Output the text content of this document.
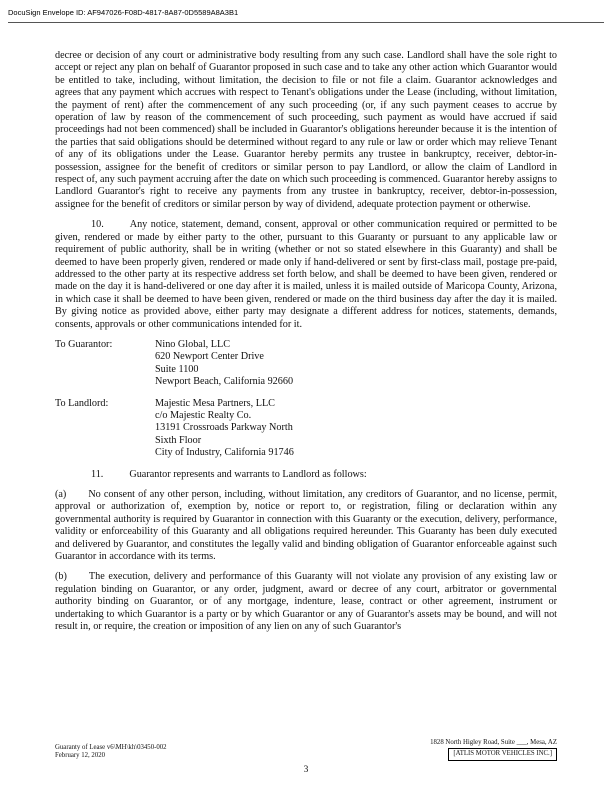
DocuSign Envelope ID: AF947026-F08D-4817-8A87-0D5589A8A3B1

decree or decision of any court or administrative body resulting from any such case. Landlord shall have the sole right to accept or reject any plan on behalf of Guarantor proposed in such case and to take any other action which Guarantor would be entitled to take, including, without limitation, the decision to file or not file a claim. Guarantor acknowledges and agrees that any payment which accrues with respect to Tenant's obligations under the Lease (including, without limitation, the payment of rent) after the commencement of any such proceeding (or, if any such payment ceases to accrue by operation of law by reason of the commencement of such proceeding, such payment as would have accrued if said proceedings had not been commenced) shall be included in Guarantor's obligations hereunder because it is the intention of the parties that said obligations should be determined without regard to any rule or law or order which may relieve Tenant of any of its obligations under the Lease. Guarantor hereby permits any trustee in bankruptcy, receiver, debtor-in-possession, assignee for the benefit of creditors or similar person to pay Landlord, or allow the claim of Landlord in respect of, any such payment accruing after the date on which such proceeding is commenced. Guarantor hereby assigns to Landlord Guarantor's right to receive any payments from any trustee in bankruptcy, receiver, debtor-in-possession, assignee for the benefit of creditors or similar person by way of dividend, adequate protection payment or otherwise.

10.	Any notice, statement, demand, consent, approval or other communication required or permitted to be given, rendered or made by either party to the other, pursuant to this Guaranty or pursuant to any applicable law or requirement of public authority, shall be in writing (whether or not so stated elsewhere in this Guaranty) and shall be deemed to have been properly given, rendered or made only if hand-delivered or sent by first-class mail, postage pre-paid, addressed to the other party at its respective address set forth below, and shall be deemed to have been given, rendered or made on the day it is hand-delivered or one day after it is mailed, unless it is mailed outside of Maricopa County, Arizona, in which case it shall be deemed to have been given, rendered or made on the third business day after the day it is mailed. By giving notice as provided above, either party may designate a different address for notices, statements, demands, consents, approvals or other communications intended for it.

To Guarantor:	Nino Global, LLC
620 Newport Center Drive
Suite 1100
Newport Beach, California 92660
To Landlord:	Majestic Mesa Partners, LLC
c/o Majestic Realty Co.
13191 Crossroads Parkway North
Sixth Floor
City of Industry, California 91746

11.	Guarantor represents and warrants to Landlord as follows:

(a) No consent of any other person, including, without limitation, any creditors of Guarantor, and no license, permit, approval or authorization of, exemption by, notice or report to, or registration, filing or declaration within any governmental authority is required by Guarantor in connection with this Guaranty or the execution, delivery, performance, validity or enforceability of this Guaranty and all obligations required hereunder. This Guaranty has been duly executed and delivered by Guarantor, and constitutes the legally valid and binding obligation of Guarantor enforceable against such Guarantor in accordance with its terms.

(b) The execution, delivery and performance of this Guaranty will not violate any provision of any existing law or regulation binding on Guarantor, or any order, judgment, award or decree of any court, arbitrator or governmental authority binding on Guarantor, or of any mortgage, indenture, lease, contract or other agreement, instrument or undertaking to which Guarantor is a party or by which Guarantor or any of Guarantor's assets may be bound, and will not result in, or require, the creation or imposition of any lien on any of such Guarantor's

Guaranty of Lease v6\MH\kh\03450-002
February 12, 2020
1828 North Higley Road, Suite ___, Mesa, AZ
[ATLIS MOTOR VEHICLES INC.]
3
